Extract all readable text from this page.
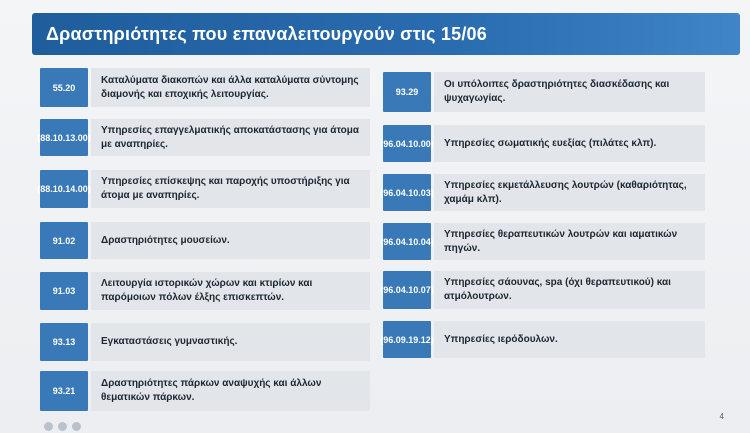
Δραστηριότητες που επαναλειτουργούν στις 15/06
55.20
Καταλύματα διακοπών και άλλα καταλύματα σύντομης διαμονής και εποχικής λειτουργίας.
(88.10.13.00)
Υπηρεσίες επαγγελματικής αποκατάστασης για άτομα με αναπηρίες.
(88.10.14.00)
Υπηρεσίες επίσκεψης και παροχής υποστήριξης για άτομα με αναπηρίες.
91.02	Δραστηριότητες μουσείων.
91.03
Λειτουργία ιστορικών χώρων και κτιρίων και παρόμοιων πόλων έλξης επισκεπτών.
93.13	Εγκαταστάσεις γυμναστικής.
93.21
Δραστηριότητες πάρκων αναψυχής και άλλων θεματικών πάρκων.
93.29
Οι υπόλοιπες δραστηριότητες διασκέδασης και ψυχαγωγίας.
(96.04.10.00) Υπηρεσίες σωματικής ευεξίας (πιλάτες κλπ).
(96.04.10.03)
Υπηρεσίες εκμετάλλευσης λουτρών (καθαριότητας, χαμάμ κλπ).
(96.04.10.04)
Υπηρεσίες θεραπευτικών λουτρών και ιαματικών πηγών.
(96.04.10.07)
Υπηρεσίες σάουνας, spa (όχι θεραπευτικού) και ατμόλουτρων.
(96.09.19.12) Υπηρεσίες ιερόδουλων.
4
